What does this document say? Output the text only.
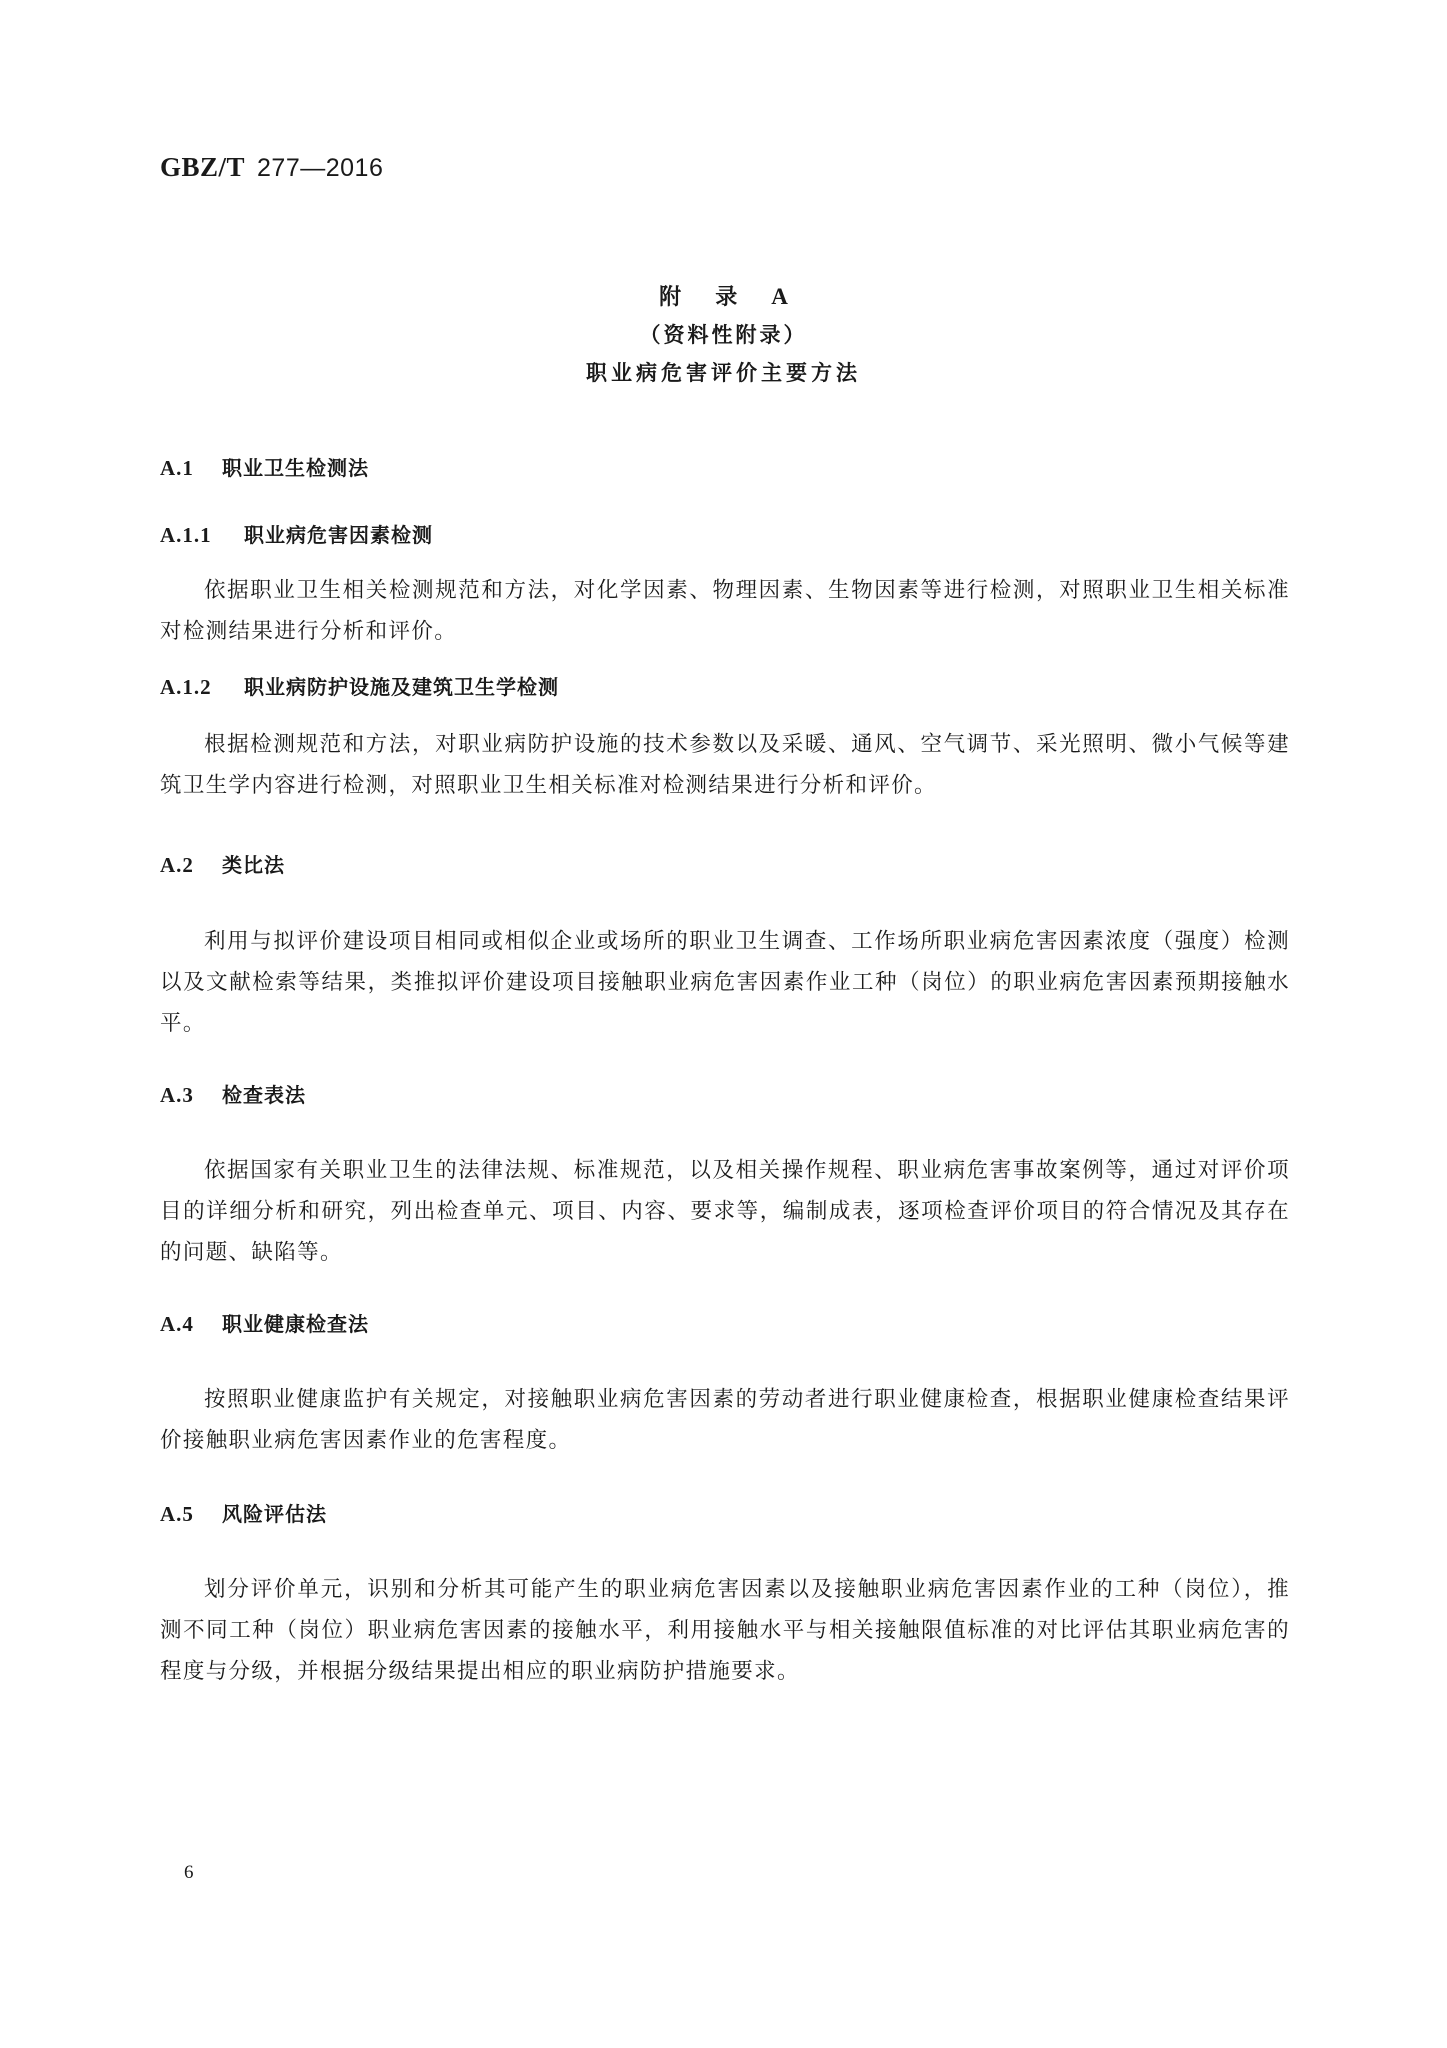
GBZ/T 277—2016
附 录 A
（资料性附录）
职业病危害评价主要方法
A.1 职业卫生检测法
A.1.1 职业病危害因素检测
依据职业卫生相关检测规范和方法，对化学因素、物理因素、生物因素等进行检测，对照职业卫生相关标准对检测结果进行分析和评价。
A.1.2 职业病防护设施及建筑卫生学检测
根据检测规范和方法，对职业病防护设施的技术参数以及采暖、通风、空气调节、采光照明、微小气候等建筑卫生学内容进行检测，对照职业卫生相关标准对检测结果进行分析和评价。
A.2 类比法
利用与拟评价建设项目相同或相似企业或场所的职业卫生调查、工作场所职业病危害因素浓度（强度）检测以及文献检索等结果，类推拟评价建设项目接触职业病危害因素作业工种（岗位）的职业病危害因素预期接触水平。
A.3 检查表法
依据国家有关职业卫生的法律法规、标准规范，以及相关操作规程、职业病危害事故案例等，通过对评价项目的详细分析和研究，列出检查单元、项目、内容、要求等，编制成表，逐项检查评价项目的符合情况及其存在的问题、缺陷等。
A.4 职业健康检查法
按照职业健康监护有关规定，对接触职业病危害因素的劳动者进行职业健康检查，根据职业健康检查结果评价接触职业病危害因素作业的危害程度。
A.5 风险评估法
划分评价单元，识别和分析其可能产生的职业病危害因素以及接触职业病危害因素作业的工种（岗位），推测不同工种（岗位）职业病危害因素的接触水平，利用接触水平与相关接触限值标准的对比评估其职业病危害的程度与分级，并根据分级结果提出相应的职业病防护措施要求。
6
